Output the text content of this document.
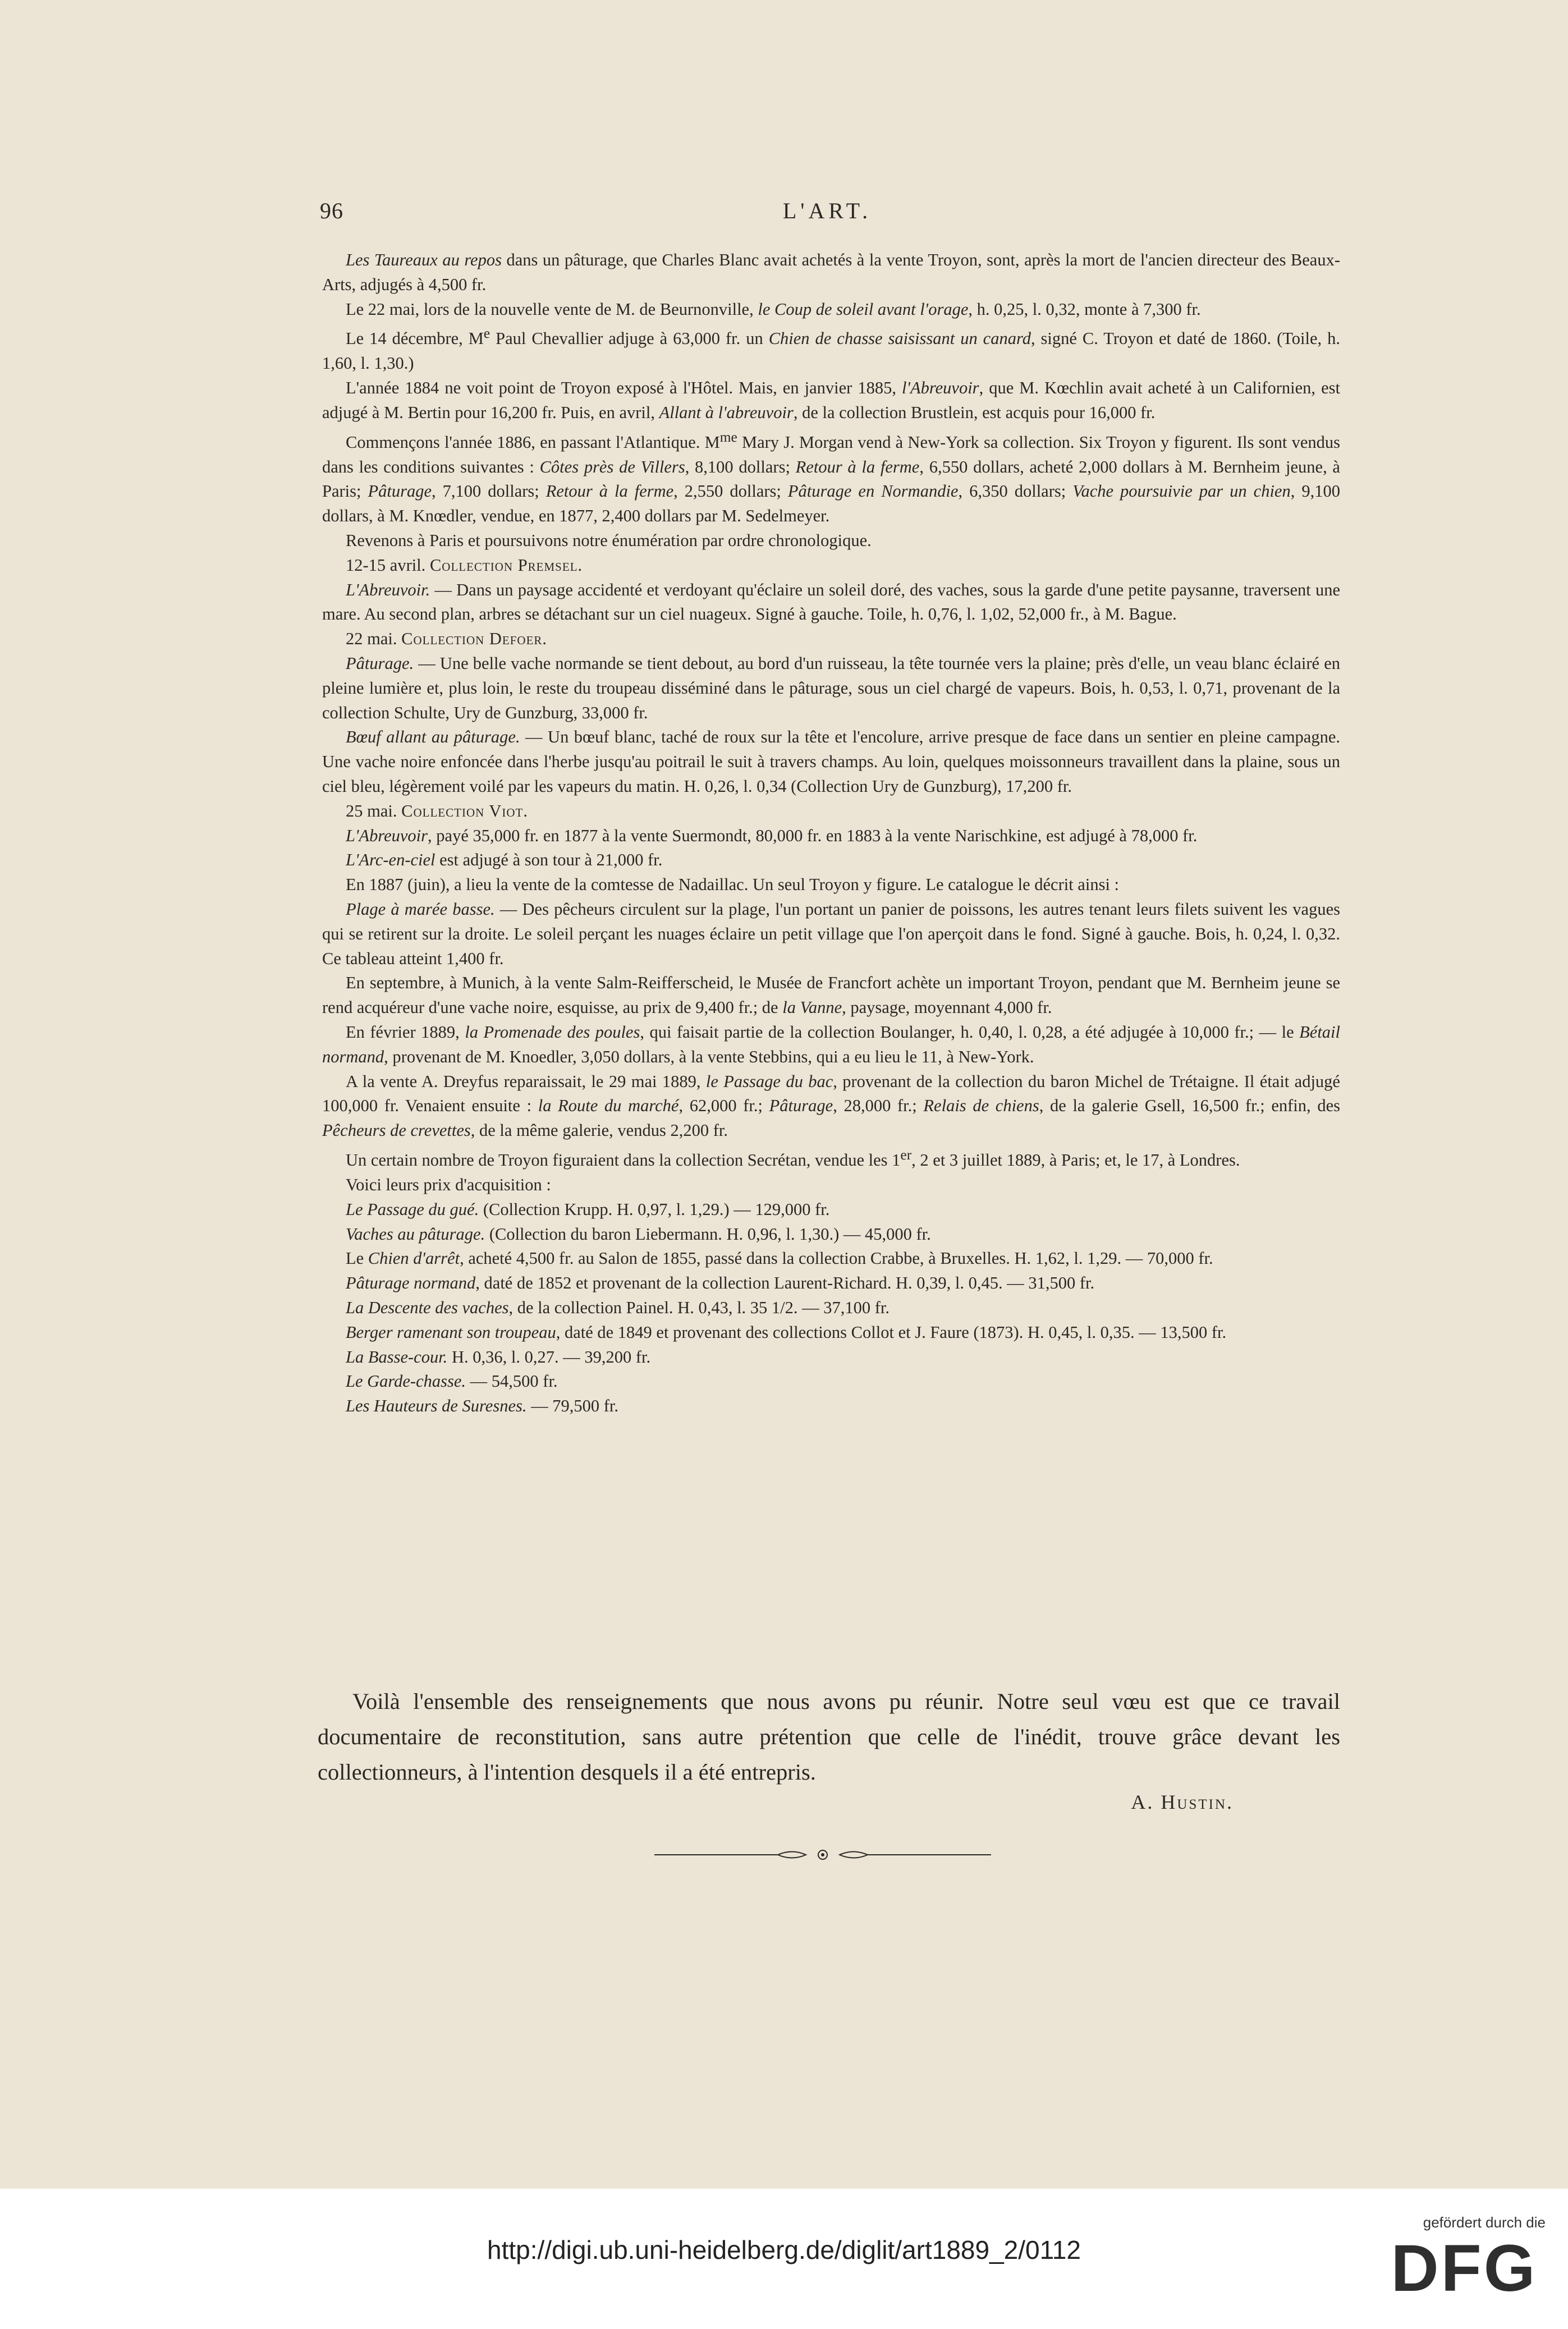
96	L'ART.

Les Taureaux au repos dans un pâturage, que Charles Blanc avait achetés à la vente Troyon, sont, après la mort de l'ancien directeur des Beaux-Arts, adjugés à 4,500 fr.

Le 22 mai, lors de la nouvelle vente de M. de Beurnonville, le Coup de soleil avant l'orage, h. 0,25, l. 0,32, monte à 7,300 fr.

Le 14 décembre, Me Paul Chevallier adjuge à 63,000 fr. un Chien de chasse saisissant un canard, signé C. Troyon et daté de 1860. (Toile, h. 1,60, l. 1,30.)

L'année 1884 ne voit point de Troyon exposé à l'Hôtel. Mais, en janvier 1885, l'Abreuvoir, que M. Kœchlin avait acheté à un Californien, est adjugé à M. Bertin pour 16,200 fr. Puis, en avril, Allant à l'abreuvoir, de la collection Brustlein, est acquis pour 16,000 fr.

Commençons l'année 1886, en passant l'Atlantique. $M^{me}$ Mary J. Morgan vend à New-York sa collection. Six Troyon y figurent. Ils sont vendus dans les conditions suivantes : Côtes près de Villers, 8,100 dollars; Retour à la ferme, 6,550 dollars, acheté 2,000 dollars à M. Bernheim jeune, à Paris; Pâturage, 7,100 dollars; Retour à la ferme, 2,550 dollars; Pâturage en Normandie, 6,350 dollars; Vache poursuivie par un chien, 9,100 dollars, à M. Knœdler, vendue, en 1877, 2,400 dollars par M. Sedelmeyer.

Revenons à Paris et poursuivons notre énumération par ordre chronologique.

12-15 avril. Collection Premsel.

L'Abreuvoir. — Dans un paysage accidenté et verdoyant qu'éclaire un soleil doré, des vaches, sous la garde d'une petite paysanne, traversent une mare. Au second plan, arbres se détachant sur un ciel nuageux. Signé à gauche. Toile, h. 0,76, l. 1,02, 52,000 fr., à M. Bague.

22 mai. Collection Defoer.

Pâturage. — Une belle vache normande se tient debout, au bord d'un ruisseau, la tête tournée vers la plaine; près d'elle, un veau blanc éclairé en pleine lumière et, plus loin, le reste du troupeau disséminé dans le pâturage, sous un ciel chargé de vapeurs. Bois, h. 0,53, l. 0,71, provenant de la collection Schulte, Ury de Gunzburg, 33,000 fr.

Bœuf allant au pâturage. — Un bœuf blanc, taché de roux sur la tête et l'encolure, arrive presque de face dans un sentier en pleine campagne. Une vache noire enfoncée dans l'herbe jusqu'au poitrail le suit à travers champs. Au loin, quelques moissonneurs travaillent dans la plaine, sous un ciel bleu, légèrement voilé par les vapeurs du matin. H. 0,26, l. 0,34 (Collection Ury de Gunzburg), 17,200 fr.

25 mai. Collection Viot.

L'Abreuvoir, payé 35,000 fr. en 1877 à la vente Suermondt, 80,000 fr. en 1883 à la vente Narischkine, est adjugé à 78,000 fr.

L'Arc-en-ciel est adjugé à son tour à 21,000 fr.

En 1887 (juin), a lieu la vente de la comtesse de Nadaillac. Un seul Troyon y figure. Le catalogue le décrit ainsi :

Plage à marée basse. — Des pêcheurs circulent sur la plage, l'un portant un panier de poissons, les autres tenant leurs filets suivent les vagues qui se retirent sur la droite. Le soleil perçant les nuages éclaire un petit village que l'on aperçoit dans le fond. Signé à gauche. Bois, h. 0,24, l. 0,32. Ce tableau atteint 1,400 fr.

En septembre, à Munich, à la vente Salm-Reifferscheid, le Musée de Francfort achète un important Troyon, pendant que M. Bernheim jeune se rend acquéreur d'une vache noire, esquisse, au prix de 9,400 fr.; de la Vanne, paysage, moyennant 4,000 fr.

En février 1889, la Promenade des poules, qui faisait partie de la collection Boulanger, h. 0,40, l. 0,28, a été adjugée à 10,000 fr.; — le Bétail normand, provenant de M. Knoedler, 3,050 dollars, à la vente Stebbins, qui a eu lieu le 11, à New-York.

A la vente A. Dreyfus reparaissait, le 29 mai 1889, le Passage du bac, provenant de la collection du baron Michel de Trétaigne. Il était adjugé 100,000 fr. Venaient ensuite : la Route du marché, 62,000 fr.; Pâturage, 28,000 fr.; Relais de chiens, de la galerie Gsell, 16,500 fr.; enfin, des Pêcheurs de crevettes, de la même galerie, vendus 2,200 fr.

Un certain nombre de Troyon figuraient dans la collection Secrétan, vendue les 1er, 2 et 3 juillet 1889, à Paris; et, le 17, à Londres.

Voici leurs prix d'acquisition :

Le Passage du gué. (Collection Krupp. H. 0,97, l. 1,29.) — 129,000 fr.

Vaches au pâturage. (Collection du baron Liebermann. H. 0,96, l. 1,30.) — 45,000 fr.

Le Chien d'arrêt, acheté 4,500 fr. au Salon de 1855, passé dans la collection Crabbe, à Bruxelles. H. 1,62, l. 1,29. — 70,000 fr.

Pâturage normand, daté de 1852 et provenant de la collection Laurent-Richard. H. 0,39, l. 0,45. — 31,500 fr.

La Descente des vaches, de la collection Painel. H. 0,43, l. 35 1/2. — 37,100 fr.

Berger ramenant son troupeau, daté de 1849 et provenant des collections Collot et J. Faure (1873). H. 0,45, l. 0,35. — 13,500 fr.

La Basse-cour. H. 0,36, l. 0,27. — 39,200 fr.

Le Garde-chasse. — 54,500 fr.

Les Hauteurs de Suresnes. — 79,500 fr.

Voilà l'ensemble des renseignements que nous avons pu réunir. Notre seul vœu est que ce travail documentaire de reconstitution, sans autre prétention que celle de l'inédit, trouve grâce devant les collectionneurs, à l'intention desquels il a été entrepris.

A. Hustin.
http://digi.ub.uni-heidelberg.de/diglit/art1889_2/0112
gefördert durch die
DFG
